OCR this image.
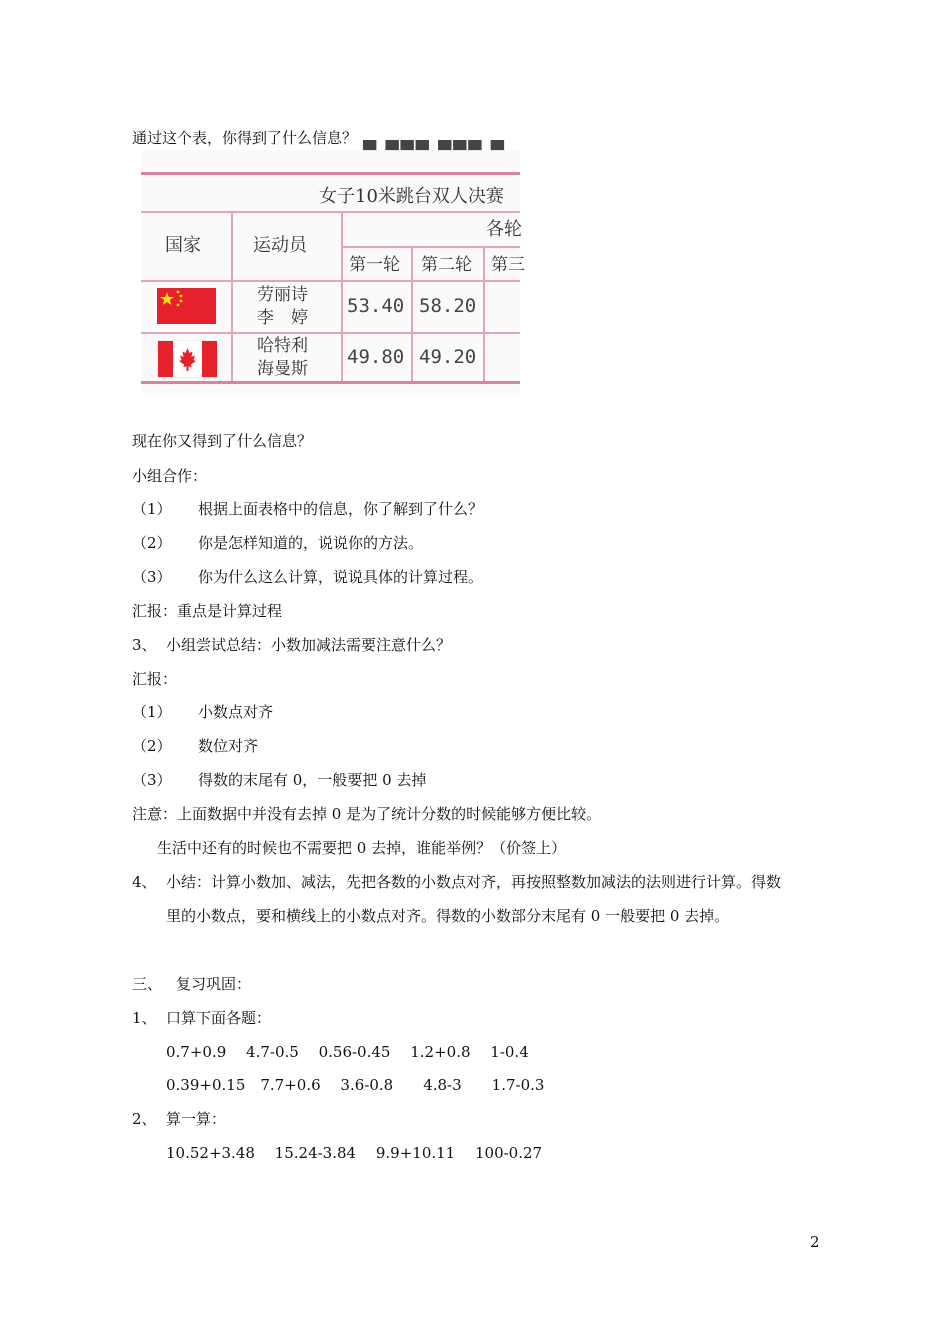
通过这个表，你得到了什么信息？
▀ ▀▀▀ ▀▀▀ ▀
女子10米跳台双人决赛
国家	运动员
各轮
第一轮 第二轮 第三
劳丽诗
李　婷
53.40 58.20
哈特利
海曼斯
49.80 49.20
现在你又得到了什么信息？
小组合作：
（1） 根据上面表格中的信息，你了解到了什么？
（2） 你是怎样知道的，说说你的方法。
（3） 你为什么这么计算，说说具体的计算过程。
汇报：重点是计算过程
3、 小组尝试总结：小数加减法需要注意什么？
汇报：
（1） 小数点对齐
（2） 数位对齐
（3） 得数的末尾有 0，一般要把 0 去掉
注意：上面数据中并没有去掉 0 是为了统计分数的时候能够方便比较。
生活中还有的时候也不需要把 0 去掉，谁能举例？（价签上）
4、 小结：计算小数加、减法，先把各数的小数点对齐，再按照整数加减法的法则进行计算。得数
里的小数点，要和横线上的小数点对齐。得数的小数部分末尾有 0 一般要把 0 去掉。
三、 复习巩固：
1、 口算下面各题：
0.7+0.9　 4.7-0.5　 0.56-0.45　 1.2+0.8　 1-0.4
0.39+0.15　7.7+0.6　 3.6-0.8　　4.8-3　　1.7-0.3
2、 算一算：
10.52+3.48　 15.24-3.84　 9.9+10.11　 100-0.27
2
